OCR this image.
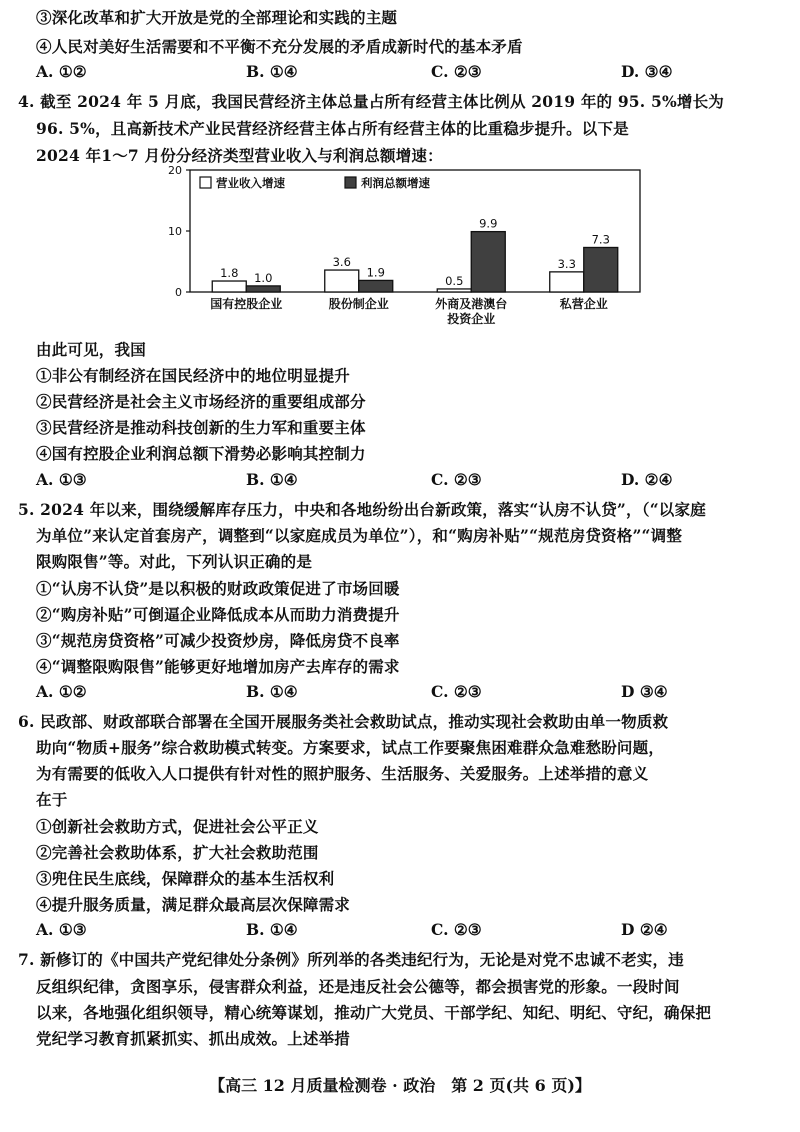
③深化改革和扩大开放是党的全部理论和实践的主题
④人民对美好生活需要和不平衡不充分发展的矛盾成新时代的基本矛盾
A. ①②	B. ①④	C. ②③	D. ③④
4. 截至 2024 年 5 月底，我国民营经济主体总量占所有经营主体比例从 2019 年的 95. 5%增长为
96. 5%，且高新技术产业民营经济经营主体占所有经营主体的比重稳步提升。以下是
2024 年1～7 月份分经济类型营业收入与利润总额增速：
0
10
20
营业收入增速	利润总额增速
1.8 1.0
国有控股企业
3.6
1.9
股份制企业
0.5
9.9
外商及港澳台
投资企业
3.3
7.3
私营企业
由此可见，我国
①非公有制经济在国民经济中的地位明显提升
②民营经济是社会主义市场经济的重要组成部分
③民营经济是推动科技创新的生力军和重要主体
④国有控股企业利润总额下滑势必影响其控制力
A. ①③	B. ①④	C. ②③	D. ②④
5. 2024 年以来，围绕缓解库存压力，中央和各地纷纷出台新政策，落实“认房不认贷”，（“以家庭
为单位”来认定首套房产，调整到“以家庭成员为单位”），和“购房补贴”“规范房贷资格”“调整
限购限售”等。对此，下列认识正确的是
①“认房不认贷”是以积极的财政政策促进了市场回暖
②“购房补贴”可倒逼企业降低成本从而助力消费提升
③“规范房贷资格”可减少投资炒房，降低房贷不良率
④“调整限购限售”能够更好地增加房产去库存的需求
A. ①②	B. ①④	C. ②③	D ③④
6. 民政部、财政部联合部署在全国开展服务类社会救助试点，推动实现社会救助由单一物质救
助向“物质+服务”综合救助模式转变。方案要求，试点工作要聚焦困难群众急难愁盼问题，
为有需要的低收入人口提供有针对性的照护服务、生活服务、关爱服务。上述举措的意义
在于
①创新社会救助方式，促进社会公平正义
②完善社会救助体系，扩大社会救助范围
③兜住民生底线，保障群众的基本生活权利
④提升服务质量，满足群众最高层次保障需求
A. ①③	B. ①④	C. ②③	D ②④
7. 新修订的《中国共产党纪律处分条例》所列举的各类违纪行为，无论是对党不忠诚不老实，违
反组织纪律，贪图享乐，侵害群众利益，还是违反社会公德等，都会损害党的形象。一段时间
以来，各地强化组织领导，精心统筹谋划，推动广大党员、干部学纪、知纪、明纪、守纪，确保把
党纪学习教育抓紧抓实、抓出成效。上述举措
【高三 12 月质量检测卷 · 政治　第 2 页(共 6 页)】
